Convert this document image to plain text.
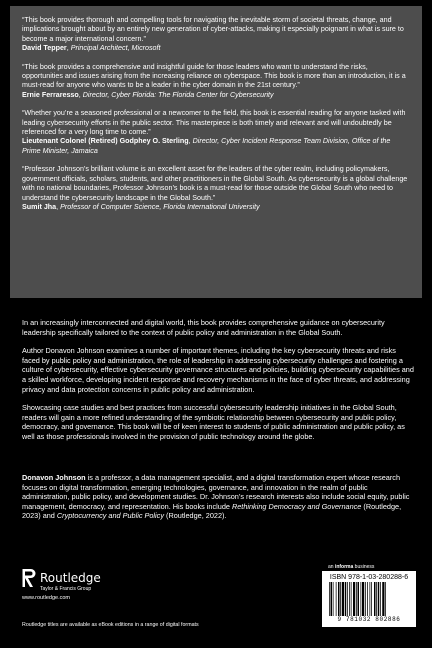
“This book provides thorough and compelling tools for navigating the inevitable storm of societal threats, change, and implications brought about by an entirely new generation of cyber-attacks, making it especially poignant in what is sure to become a major international concern.”

David Tepper, Principal Architect, Microsoft

“This book provides a comprehensive and insightful guide for those leaders who want to understand the risks, opportunities and issues arising from the increasing reliance on cyberspace. This book is more than an introduction, it is a must-read for anyone who wants to be a leader in the cyber domain in the 21st century.”

Ernie Ferraresso, Director, Cyber Florida: The Florida Center for Cybersecurity

“Whether you’re a seasoned professional or a newcomer to the field, this book is essential reading for anyone tasked with leading cybersecurity efforts in the public sector. This masterpiece is both timely and relevant and will undoubtedly be referenced for a very long time to come.”

Lieutenant Colonel (Retired) Godphey O. Sterling, Director, Cyber Incident Response Team Division, Office of the Prime Minister, Jamaica

“Professor Johnson’s brilliant volume is an excellent asset for the leaders of the cyber realm, including policymakers, government officials, scholars, students, and other practitioners in the Global South. As cybersecurity is a global challenge with no national boundaries, Professor Johnson’s book is a must-read for those outside the Global South who need to understand the cybersecurity landscape in the Global South.”

Sumit Jha, Professor of Computer Science, Florida International University

In an increasingly interconnected and digital world, this book provides comprehensive guidance on cybersecurity leadership specifically tailored to the context of public policy and administration in the Global South.

Author Donavon Johnson examines a number of important themes, including the key cybersecurity threats and risks faced by public policy and administration, the role of leadership in addressing cybersecurity challenges and fostering a culture of cybersecurity, effective cybersecurity governance structures and policies, building cybersecurity capabilities and a skilled workforce, developing incident response and recovery mechanisms in the face of cyber threats, and addressing privacy and data protection concerns in public policy and administration.

Showcasing case studies and best practices from successful cybersecurity leadership initiatives in the Global South, readers will gain a more refined understanding of the symbiotic relationship between cybersecurity and public policy, democracy, and governance. This book will be of keen interest to students of public administration and public policy, as well as those professionals involved in the provision of public technology around the globe.

Donavon Johnson is a professor, a data management specialist, and a digital transformation expert whose research focuses on digital transformation, emerging technologies, governance, and innovation in the realm of public administration, public policy, and development studies. Dr. Johnson’s research interests also include social equity, public management, democracy, and representation. His books include Rethinking Democracy and Governance (Routledge, 2023) and Cryptocurrency and Public Policy (Routledge, 2022).

Routledge
Taylor & Francis Group
www.routledge.com
Routledge titles are available as eBook editions in a range of digital formats
an informa business
ISBN 978-1-03-280288-6
9 781032 802886
